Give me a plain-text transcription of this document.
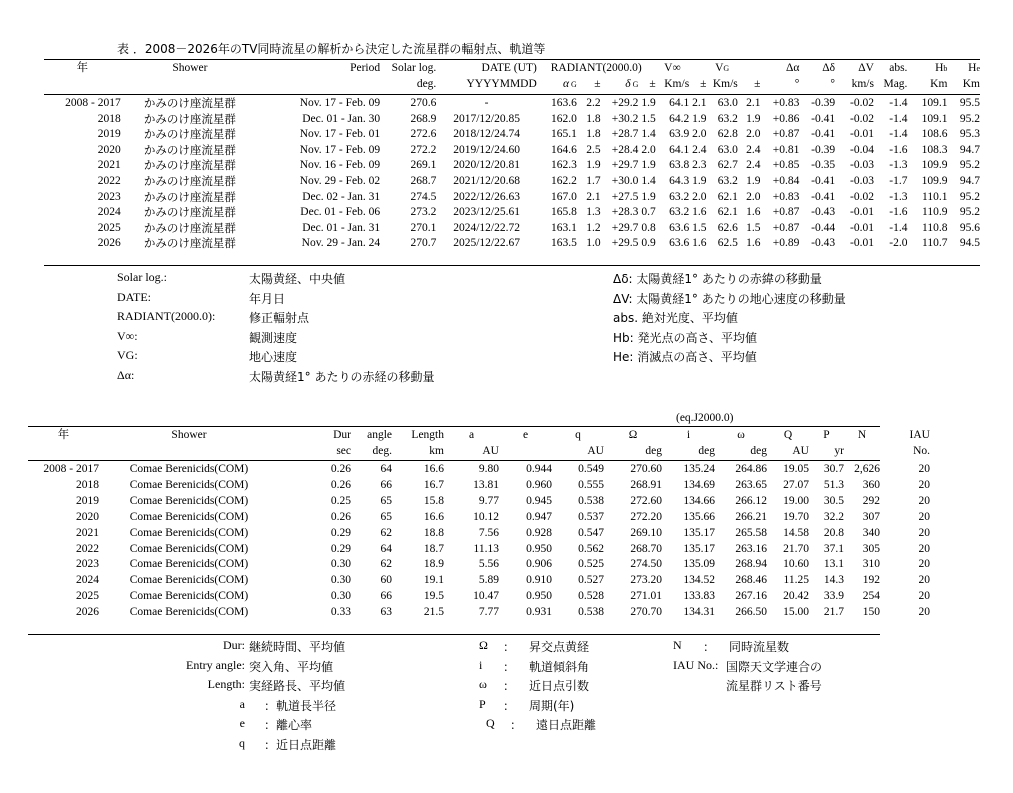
表 ．2008－2026年のTV同時流星の解析から決定した流星群の輻射点、軌道等
年	Shower	Period	Solar log.	DATE (UT)	RADIANT(2000.0)				V∞		VG		Δα	Δδ	ΔV	abs.	Hb	He
			deg.	YYYYMMDD	α G	±	δ G	±	Km/s	±	Km/s	±	°	°	km/s	Mag.	Km	Km
2008 - 2017	かみのけ座流星群	Nov. 17 - Feb. 09	270.6	-	163.6	2.2	+29.2	1.9	64.1	2.1	63.0	2.1	+0.83	-0.39	-0.02	-1.4	109.1	95.5
2018	かみのけ座流星群	Dec. 01 - Jan. 30	268.9	2017/12/20.85	162.0	1.8	+30.2	1.5	64.2	1.9	63.2	1.9	+0.86	-0.41	-0.02	-1.4	109.1	95.2
2019	かみのけ座流星群	Nov. 17 - Feb. 01	272.6	2018/12/24.74	165.1	1.8	+28.7	1.4	63.9	2.0	62.8	2.0	+0.87	-0.41	-0.01	-1.4	108.6	95.3
2020	かみのけ座流星群	Nov. 17 - Feb. 09	272.2	2019/12/24.60	164.6	2.5	+28.4	2.0	64.1	2.4	63.0	2.4	+0.81	-0.39	-0.04	-1.6	108.3	94.7
2021	かみのけ座流星群	Nov. 16 - Feb. 09	269.1	2020/12/20.81	162.3	1.9	+29.7	1.9	63.8	2.3	62.7	2.4	+0.85	-0.35	-0.03	-1.3	109.9	95.2
2022	かみのけ座流星群	Nov. 29 - Feb. 02	268.7	2021/12/20.68	162.2	1.7	+30.0	1.4	64.3	1.9	63.2	1.9	+0.84	-0.41	-0.03	-1.7	109.9	94.7
2023	かみのけ座流星群	Dec. 02 - Jan. 31	274.5	2022/12/26.63	167.0	2.1	+27.5	1.9	63.2	2.0	62.1	2.0	+0.83	-0.41	-0.02	-1.3	110.1	95.2
2024	かみのけ座流星群	Dec. 01 - Feb. 06	273.2	2023/12/25.61	165.8	1.3	+28.3	0.7	63.2	1.6	62.1	1.6	+0.87	-0.43	-0.01	-1.6	110.9	95.2
2025	かみのけ座流星群	Dec. 01 - Jan. 31	270.1	2024/12/22.72	163.1	1.2	+29.7	0.8	63.6	1.5	62.6	1.5	+0.87	-0.44	-0.01	-1.4	110.8	95.6
2026	かみのけ座流星群	Nov. 29 - Jan. 24	270.7	2025/12/22.67	163.5	1.0	+29.5	0.9	63.6	1.6	62.5	1.6	+0.89	-0.43	-0.01	-2.0	110.7	94.5
Solar log.:	太陽黄経、中央値
DATE:	年月日
RADIANT(2000.0):	修正輻射点
V∞:	観測速度
VG:	地心速度
Δα:	太陽黄経1° あたりの赤経の移動量
Δδ: 太陽黄経1° あたりの赤緯の移動量
ΔV: 太陽黄経1° あたりの地心速度の移動量
abs. 絶対光度、平均値
Hb: 発光点の高さ、平均値
He: 消滅点の高さ、平均値
(eq.J2000.0)
年	Shower	Dur	angle	Length	a	e	q	Ω	i	ω	Q	P	N	IAU
		sec	deg.	km	AU		AU	deg	deg	deg	AU	yr		No.
2008 - 2017	Comae Berenicids(COM)	0.26	64	16.6	9.80	0.944	0.549	270.60	135.24	264.86	19.05	30.7	2,626	20
2018	Comae Berenicids(COM)	0.26	66	16.7	13.81	0.960	0.555	268.91	134.69	263.65	27.07	51.3	360	20
2019	Comae Berenicids(COM)	0.25	65	15.8	9.77	0.945	0.538	272.60	134.66	266.12	19.00	30.5	292	20
2020	Comae Berenicids(COM)	0.26	65	16.6	10.12	0.947	0.537	272.20	135.66	266.21	19.70	32.2	307	20
2021	Comae Berenicids(COM)	0.29	62	18.8	7.56	0.928	0.547	269.10	135.17	265.58	14.58	20.8	340	20
2022	Comae Berenicids(COM)	0.29	64	18.7	11.13	0.950	0.562	268.70	135.17	263.16	21.70	37.1	305	20
2023	Comae Berenicids(COM)	0.30	62	18.9	5.56	0.906	0.525	274.50	135.09	268.94	10.60	13.1	310	20
2024	Comae Berenicids(COM)	0.30	60	19.1	5.89	0.910	0.527	273.20	134.52	268.46	11.25	14.3	192	20
2025	Comae Berenicids(COM)	0.30	66	19.5	10.47	0.950	0.528	271.01	133.83	267.16	20.42	33.9	254	20
2026	Comae Berenicids(COM)	0.33	63	21.5	7.77	0.931	0.538	270.70	134.31	266.50	15.00	21.7	150	20
Dur: 継続時間、平均値
Entry angle: 突入角、平均値
Length: 実経路長、平均値
a ：軌道長半径
e ：離心率
q ：近日点距離
Ω ： 昇交点黄経
i ： 軌道傾斜角
ω ： 近日点引数
P ： 周期(年)
Q ： 遠日点距離
N ： 同時流星数
IAU No.: 国際天文学連合の
流星群リスト番号
